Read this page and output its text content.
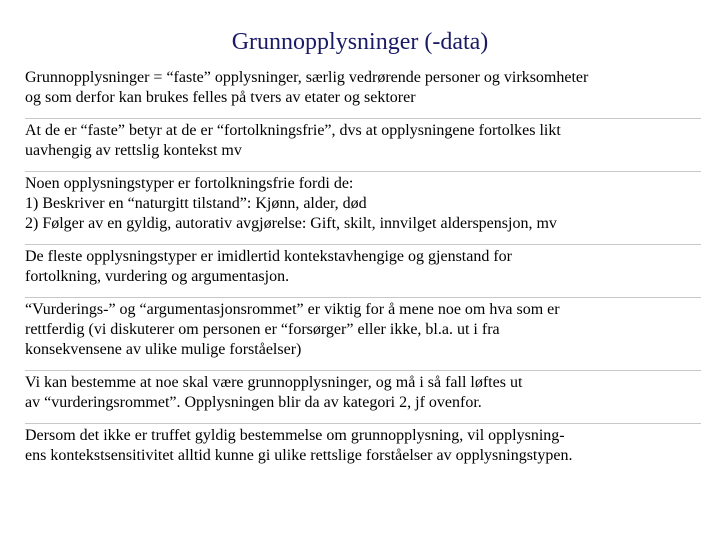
Grunnopplysninger (-data)
Grunnopplysninger = “faste” opplysninger, særlig vedrørende personer og virksomheter
og som derfor kan brukes felles på tvers av etater og sektorer
At de er “faste” betyr at de er “fortolkningsfrie”, dvs at opplysningene fortolkes likt
uavhengig av rettslig kontekst mv
Noen opplysningstyper er fortolkningsfrie fordi de:
1) Beskriver en “naturgitt tilstand”: Kjønn, alder, død
2) Følger av en gyldig, autorativ avgjørelse: Gift, skilt, innvilget alderspensjon, mv
De fleste opplysningstyper er imidlertid kontekstavhengige og gjenstand for
fortolkning, vurdering og argumentasjon.
“Vurderings-” og “argumentasjonsrommet” er viktig for å mene noe om hva som er
rettferdig (vi diskuterer om personen er “forsørger” eller ikke, bl.a. ut i fra
konsekvensene av ulike mulige forståelser)
Vi kan bestemme at noe skal være grunnopplysninger, og må i så fall løftes ut
av “vurderingsrommet”. Opplysningen blir da av kategori 2, jf ovenfor.
Dersom det ikke er truffet gyldig bestemmelse om grunnopplysning, vil opplysning-
ens kontekstsensitivitet alltid kunne gi ulike rettslige forståelser av opplysningstypen.
